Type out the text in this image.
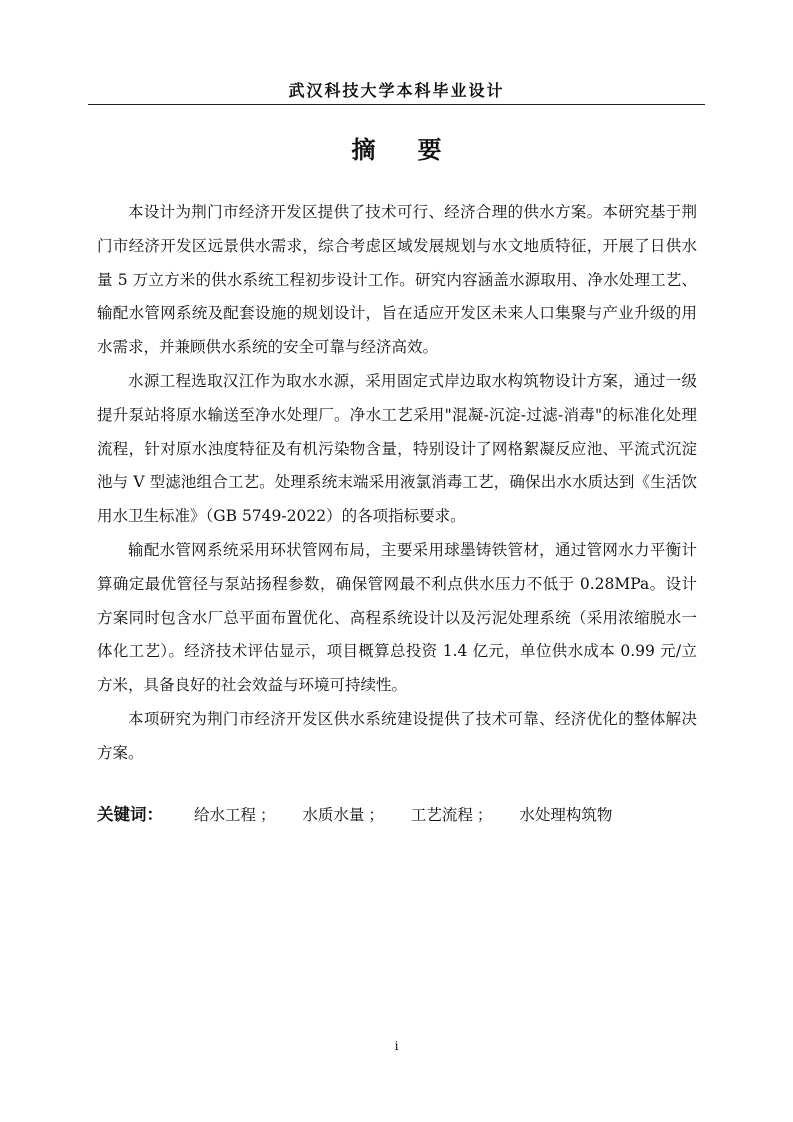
武汉科技大学本科毕业设计
摘要

本设计为荆门市经济开发区提供了技术可行、经济合理的供水方案。本研究基于荆门市经济开发区远景供水需求，综合考虑区域发展规划与水文地质特征，开展了日供水量 5 万立方米的供水系统工程初步设计工作。研究内容涵盖水源取用、净水处理工艺、输配水管网系统及配套设施的规划设计，旨在适应开发区未来人口集聚与产业升级的用水需求，并兼顾供水系统的安全可靠与经济高效。

水源工程选取汉江作为取水水源，采用固定式岸边取水构筑物设计方案，通过一级提升泵站将原水输送至净水处理厂。净水工艺采用"混凝-沉淀-过滤-消毒"的标准化处理流程，针对原水浊度特征及有机污染物含量，特别设计了网格絮凝反应池、平流式沉淀池与 V 型滤池组合工艺。处理系统末端采用液氯消毒工艺，确保出水水质达到《生活饮用水卫生标准》（GB 5749-2022）的各项指标要求。

输配水管网系统采用环状管网布局，主要采用球墨铸铁管材，通过管网水力平衡计算确定最优管径与泵站扬程参数，确保管网最不利点供水压力不低于 0.28MPa。设计方案同时包含水厂总平面布置优化、高程系统设计以及污泥处理系统（采用浓缩脱水一体化工艺）。经济技术评估显示，项目概算总投资 1.4 亿元，单位供水成本 0.99 元/立方米，具备良好的社会效益与环境可持续性。

本项研究为荆门市经济开发区供水系统建设提供了技术可靠、经济优化的整体解决方案。

关键词： 给水工程 ； 水质水量 ； 工艺流程 ； 水处理构筑物
i
